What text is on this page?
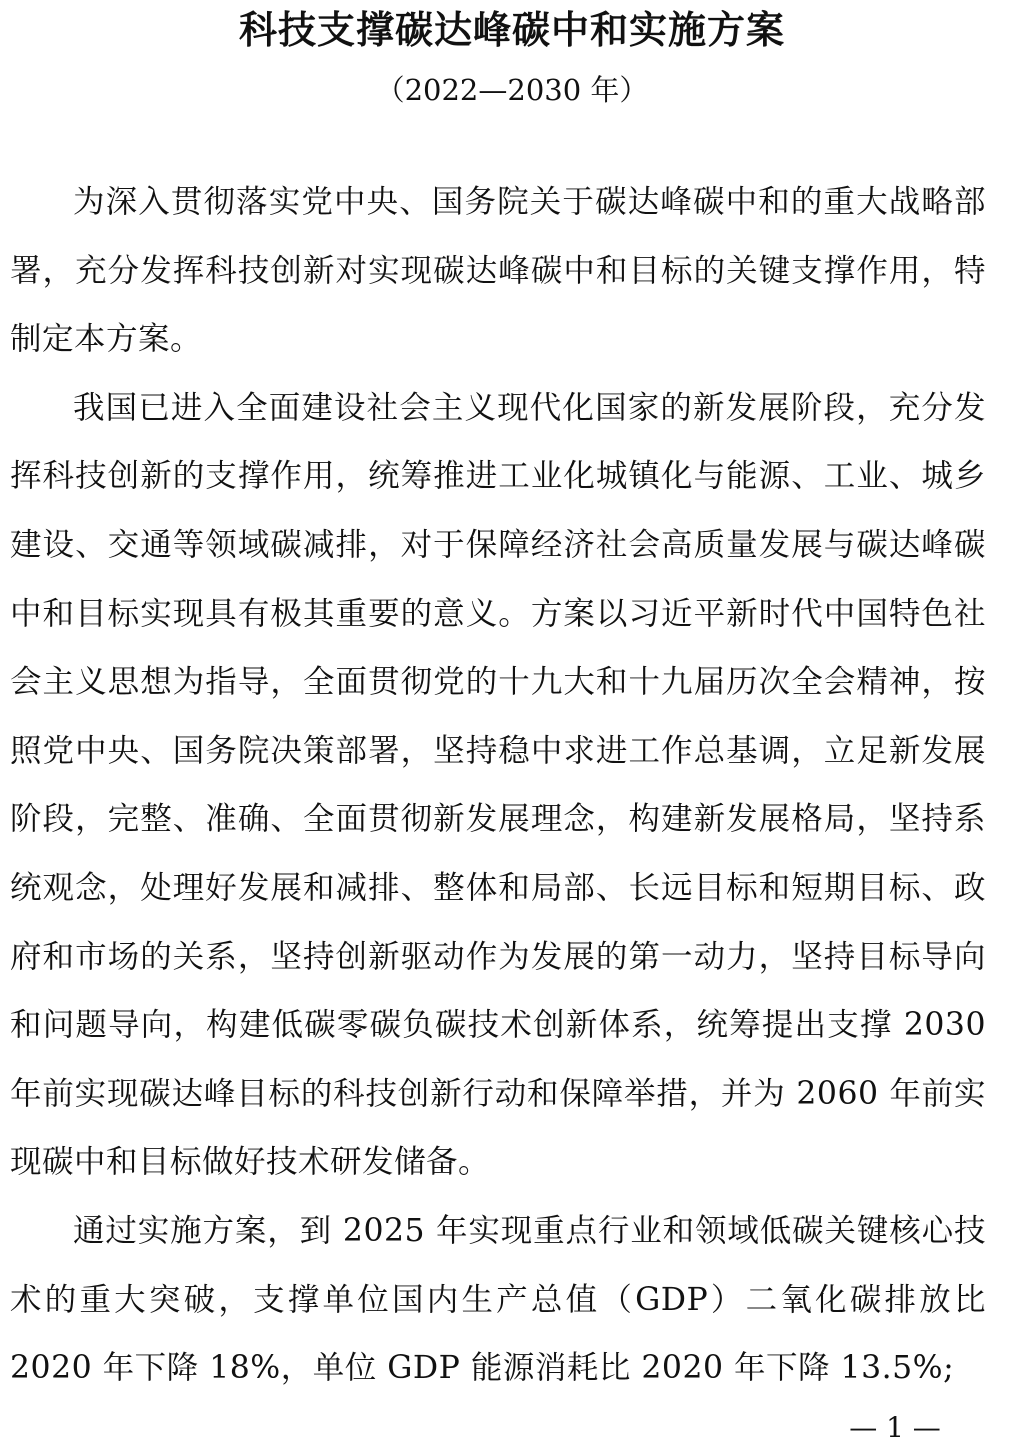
科技支撑碳达峰碳中和实施方案
（2022—2030 年）

为深入贯彻落实党中央、国务院关于碳达峰碳中和的重大战略部署，充分发挥科技创新对实现碳达峰碳中和目标的关键支撑作用，特制定本方案。

我国已进入全面建设社会主义现代化国家的新发展阶段，充分发挥科技创新的支撑作用，统筹推进工业化城镇化与能源、工业、城乡建设、交通等领域碳减排，对于保障经济社会高质量发展与碳达峰碳中和目标实现具有极其重要的意义。方案以习近平新时代中国特色社会主义思想为指导，全面贯彻党的十九大和十九届历次全会精神，按照党中央、国务院决策部署，坚持稳中求进工作总基调，立足新发展阶段，完整、准确、全面贯彻新发展理念，构建新发展格局，坚持系统观念，处理好发展和减排、整体和局部、长远目标和短期目标、政府和市场的关系，坚持创新驱动作为发展的第一动力，坚持目标导向和问题导向，构建低碳零碳负碳技术创新体系，统筹提出支撑 2030 年前实现碳达峰目标的科技创新行动和保障举措，并为 2060 年前实现碳中和目标做好技术研发储备。

通过实施方案，到 2025 年实现重点行业和领域低碳关键核心技术的重大突破，支撑单位国内生产总值（GDP）二氧化碳排放比 2020 年下降 18%，单位 GDP 能源消耗比 2020 年下降 13.5%;

— 1 —
